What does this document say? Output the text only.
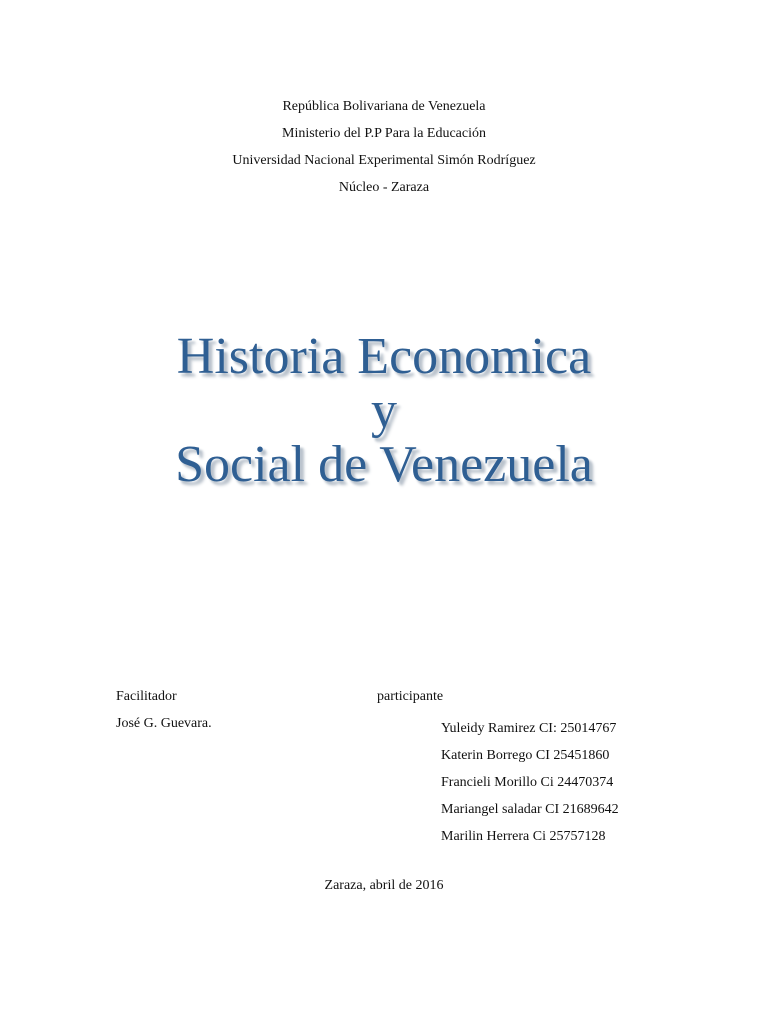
República Bolivariana de Venezuela
Ministerio del P.P Para la Educación
Universidad Nacional Experimental Simón Rodríguez
Núcleo - Zaraza
Historia Economica
y
Social de Venezuela
Facilitador
José G. Guevara.
participante
Yuleidy Ramirez CI: 25014767
Katerin Borrego CI 25451860
Francieli Morillo Ci 24470374
Mariangel saladar CI 21689642
Marilin Herrera Ci 25757128
Zaraza, abril de 2016
